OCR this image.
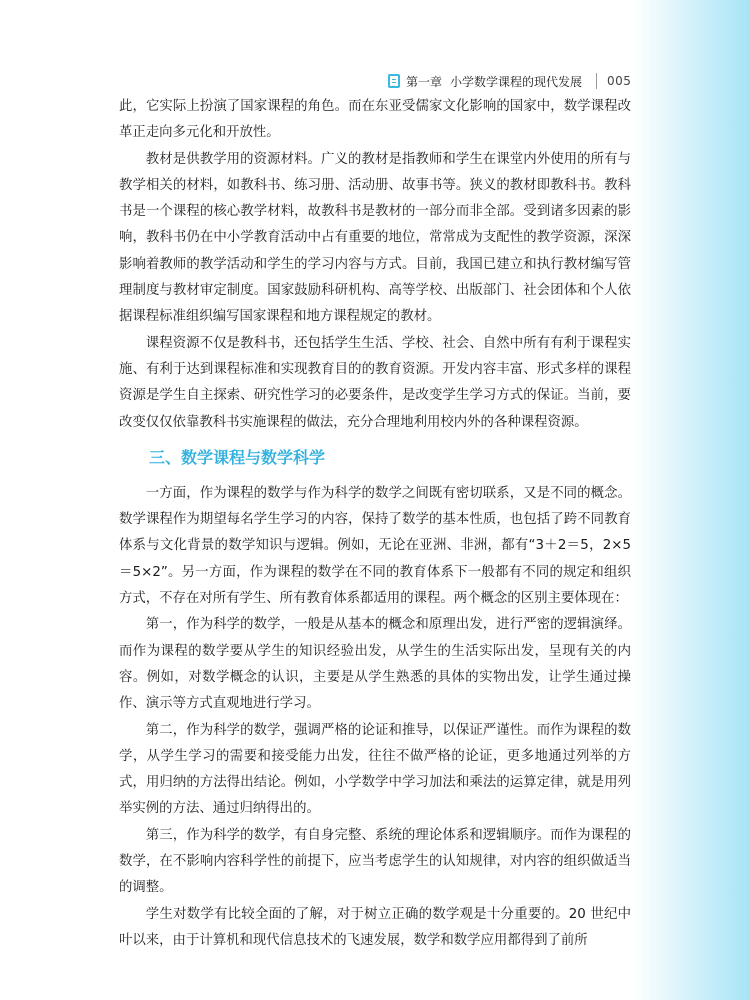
第一章 小学数学课程的现代发展 005

此，它实际上扮演了国家课程的角色。而在东亚受儒家文化影响的国家中，数学课程改革正走向多元化和开放性。

教材是供教学用的资源材料。广义的教材是指教师和学生在课堂内外使用的所有与教学相关的材料，如教科书、练习册、活动册、故事书等。狭义的教材即教科书。教科书是一个课程的核心教学材料，故教科书是教材的一部分而非全部。受到诸多因素的影响，教科书仍在中小学教育活动中占有重要的地位，常常成为支配性的教学资源，深深影响着教师的教学活动和学生的学习内容与方式。目前，我国已建立和执行教材编写管理制度与教材审定制度。国家鼓励科研机构、高等学校、出版部门、社会团体和个人依据课程标准组织编写国家课程和地方课程规定的教材。

课程资源不仅是教科书，还包括学生生活、学校、社会、自然中所有有利于课程实施、有利于达到课程标准和实现教育目的的教育资源。开发内容丰富、形式多样的课程资源是学生自主探索、研究性学习的必要条件，是改变学生学习方式的保证。当前，要改变仅仅依靠教科书实施课程的做法，充分合理地利用校内外的各种课程资源。

三、数学课程与数学科学

一方面，作为课程的数学与作为科学的数学之间既有密切联系，又是不同的概念。数学课程作为期望每名学生学习的内容，保持了数学的基本性质，也包括了跨不同教育体系与文化背景的数学知识与逻辑。例如，无论在亚洲、非洲，都有“3＋2＝5，2×5＝5×2”。另一方面，作为课程的数学在不同的教育体系下一般都有不同的规定和组织方式，不存在对所有学生、所有教育体系都适用的课程。两个概念的区别主要体现在：

第一，作为科学的数学，一般是从基本的概念和原理出发，进行严密的逻辑演绎。而作为课程的数学要从学生的知识经验出发，从学生的生活实际出发，呈现有关的内容。例如，对数学概念的认识，主要是从学生熟悉的具体的实物出发，让学生通过操作、演示等方式直观地进行学习。

第二，作为科学的数学，强调严格的论证和推导，以保证严谨性。而作为课程的数学，从学生学习的需要和接受能力出发，往往不做严格的论证，更多地通过列举的方式，用归纳的方法得出结论。例如，小学数学中学习加法和乘法的运算定律，就是用列举实例的方法、通过归纳得出的。

第三，作为科学的数学，有自身完整、系统的理论体系和逻辑顺序。而作为课程的数学，在不影响内容科学性的前提下，应当考虑学生的认知规律，对内容的组织做适当的调整。

学生对数学有比较全面的了解，对于树立正确的数学观是十分重要的。20 世纪中叶以来，由于计算机和现代信息技术的飞速发展，数学和数学应用都得到了前所
